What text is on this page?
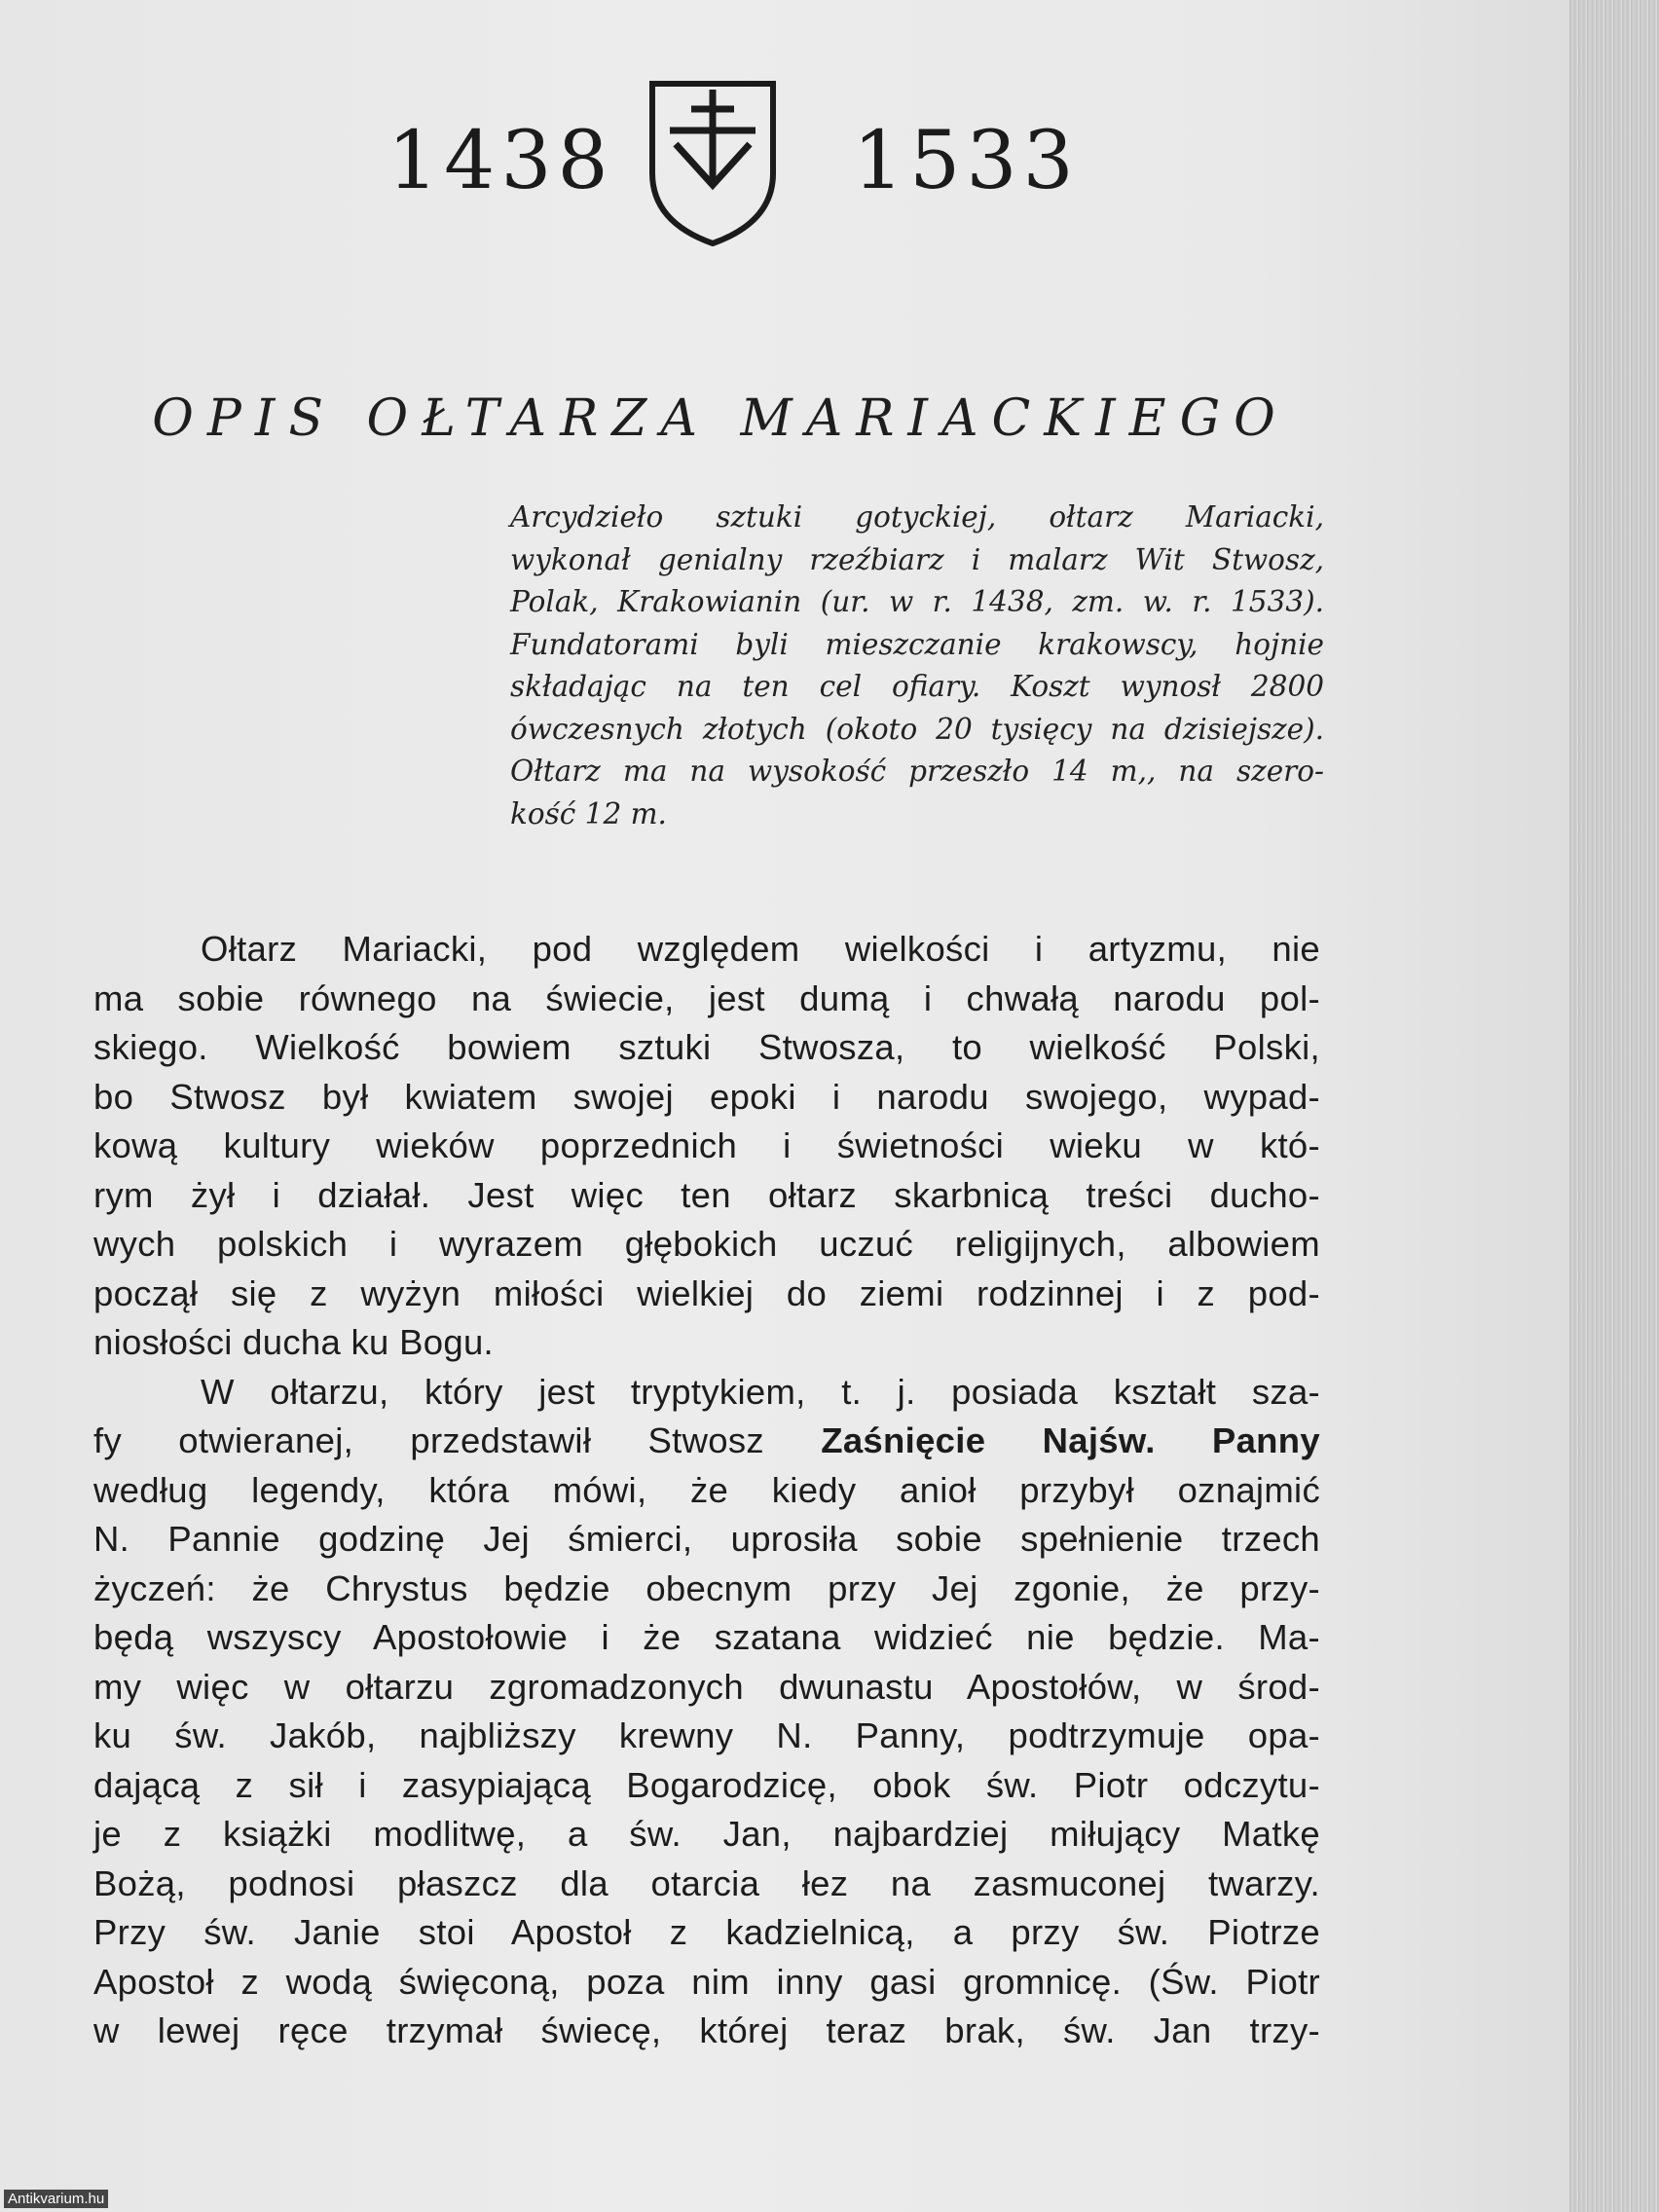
1438	1533
OPIS OŁTARZA MARIACKIEGO
Arcydzieło sztuki gotyckiej, ołtarz Mariacki,
wykonał genialny rzeźbiarz i malarz Wit Stwosz,
Polak, Krakowianin (ur. w r. 1438, zm. w. r. 1533).
Fundatorami byli mieszczanie krakowscy, hojnie
składając na ten cel ofiary. Koszt wynosł 2800
ówczesnych złotych (okoto 20 tysięcy na dzisiejsze).
Ołtarz ma na wysokość przeszło 14 m,, na szero-
kość 12 m.
Ołtarz Mariacki, pod względem wielkości i artyzmu, nie
ma sobie równego na świecie, jest dumą i chwałą narodu pol-
skiego. Wielkość bowiem sztuki Stwosza, to wielkość Polski,
bo Stwosz był kwiatem swojej epoki i narodu swojego, wypad-
kową kultury wieków poprzednich i świetności wieku w któ-
rym żył i działał. Jest więc ten ołtarz skarbnicą treści ducho-
wych polskich i wyrazem głębokich uczuć religijnych, albowiem
począł się z wyżyn miłości wielkiej do ziemi rodzinnej i z pod-
niosłości ducha ku Bogu.
W ołtarzu, który jest tryptykiem, t. j. posiada kształt sza-
fy otwieranej, przedstawił Stwosz Zaśnięcie Najśw. Panny
według legendy, która mówi, że kiedy anioł przybył oznajmić
N. Pannie godzinę Jej śmierci, uprosiła sobie spełnienie trzech
życzeń: że Chrystus będzie obecnym przy Jej zgonie, że przy-
będą wszyscy Apostołowie i że szatana widzieć nie będzie. Ma-
my więc w ołtarzu zgromadzonych dwunastu Apostołów, w środ-
ku św. Jakób, najbliższy krewny N. Panny, podtrzymuje opa-
dającą z sił i zasypiającą Bogarodzicę, obok św. Piotr odczytu-
je z książki modlitwę, a św. Jan, najbardziej miłujący Matkę
Bożą, podnosi płaszcz dla otarcia łez na zasmuconej twarzy.
Przy św. Janie stoi Apostoł z kadzielnicą, a przy św. Piotrze
Apostoł z wodą święconą, poza nim inny gasi gromnicę. (Św. Piotr
w lewej ręce trzymał świecę, której teraz brak, św. Jan trzy-
Antikvarium.hu
